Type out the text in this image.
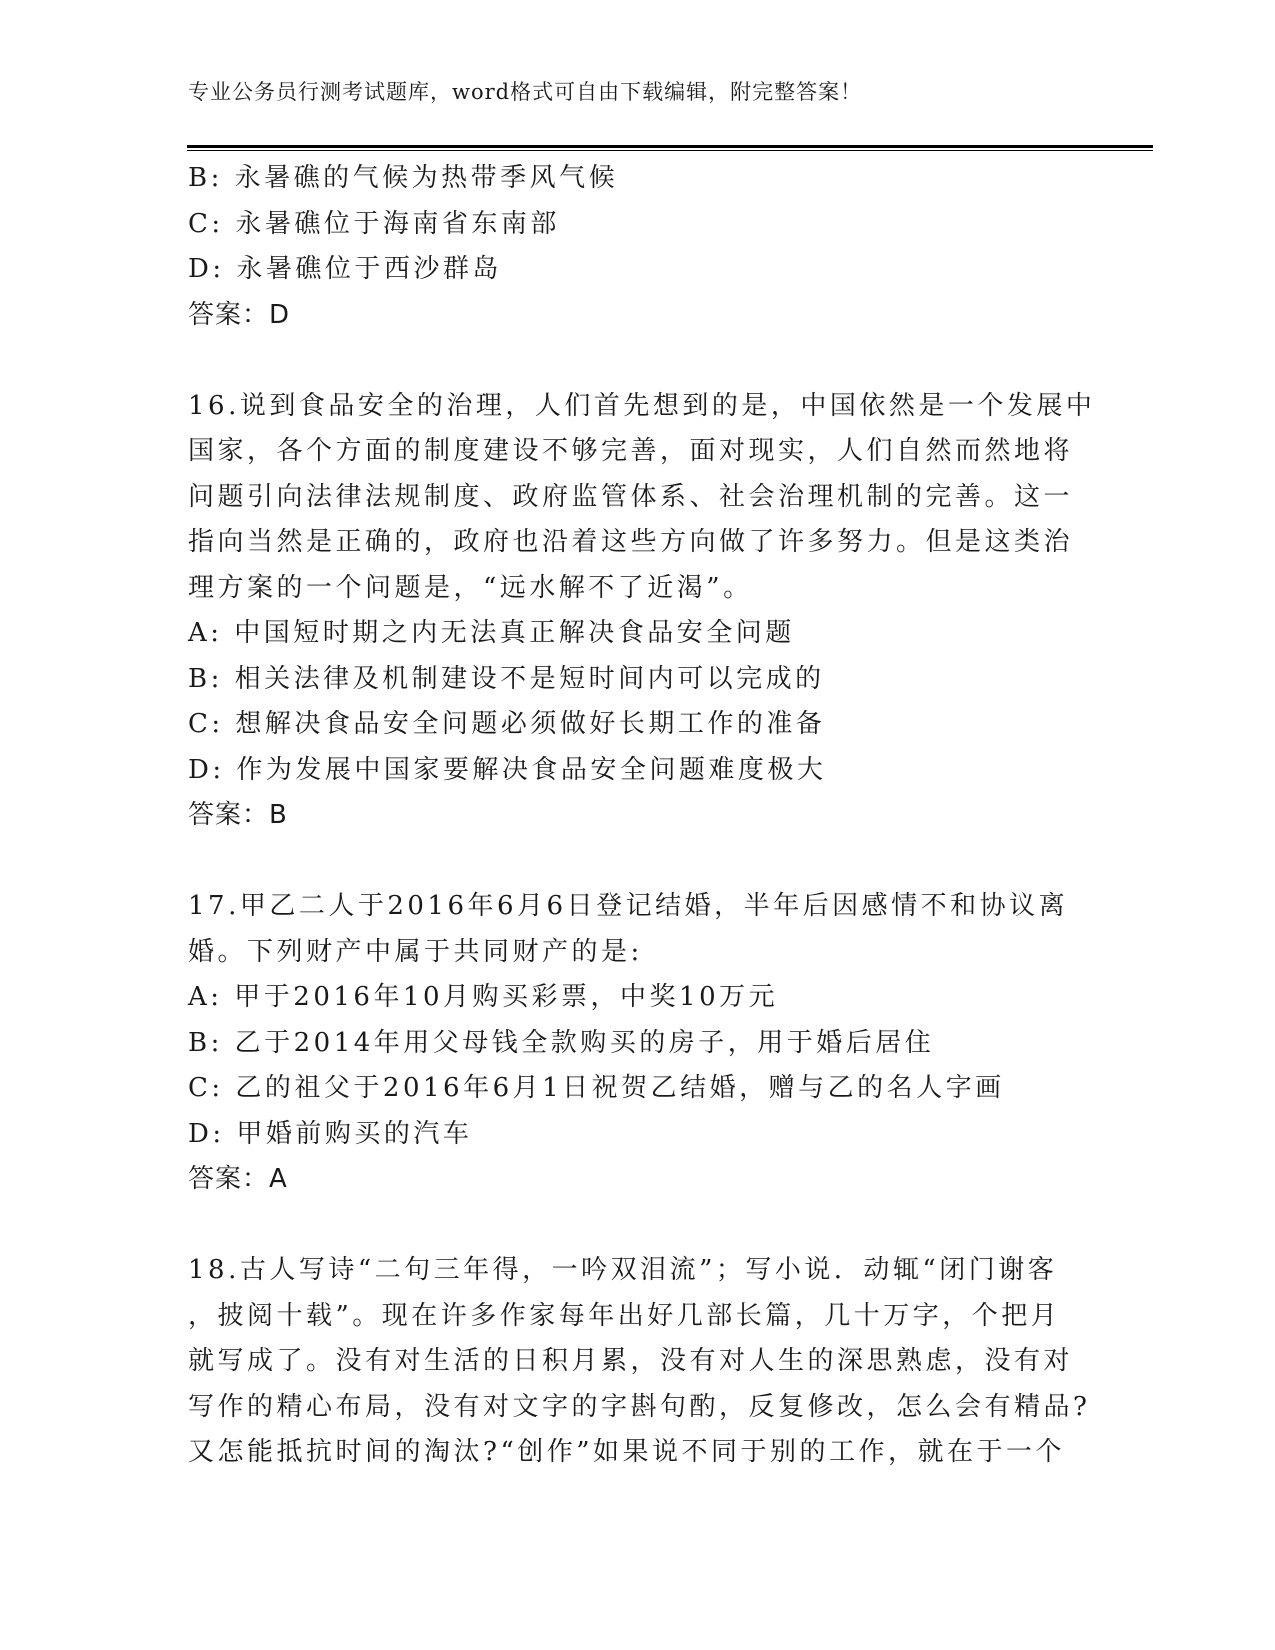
专业公务员行测考试题库，word格式可自由下载编辑，附完整答案！
B: 永暑礁的气候为热带季风气候
C: 永暑礁位于海南省东南部
D: 永暑礁位于西沙群岛
答案：D
16.说到食品安全的治理，人们首先想到的是，中国依然是一个发展中
国家，各个方面的制度建设不够完善，面对现实，人们自然而然地将
问题引向法律法规制度、政府监管体系、社会治理机制的完善。这一
指向当然是正确的，政府也沿着这些方向做了许多努力。但是这类治
理方案的一个问题是，“远水解不了近渴”。
A: 中国短时期之内无法真正解决食品安全问题
B: 相关法律及机制建设不是短时间内可以完成的
C: 想解决食品安全问题必须做好长期工作的准备
D: 作为发展中国家要解决食品安全问题难度极大
答案：B
17.甲乙二人于2016年6月6日登记结婚，半年后因感情不和协议离
婚。下列财产中属于共同财产的是:
A: 甲于2016年10月购买彩票，中奖10万元
B: 乙于2014年用父母钱全款购买的房子，用于婚后居住
C: 乙的祖父于2016年6月1日祝贺乙结婚，赠与乙的名人字画
D: 甲婚前购买的汽车
答案：A
18.古人写诗“二句三年得，一吟双泪流”；写小说．动辄“闭门谢客
，披阅十载”。现在许多作家每年出好几部长篇，几十万字，个把月
就写成了。没有对生活的日积月累，没有对人生的深思熟虑，没有对
写作的精心布局，没有对文字的字斟句酌，反复修改，怎么会有精品?
又怎能抵抗时间的淘汰?“创作”如果说不同于别的工作，就在于一个
